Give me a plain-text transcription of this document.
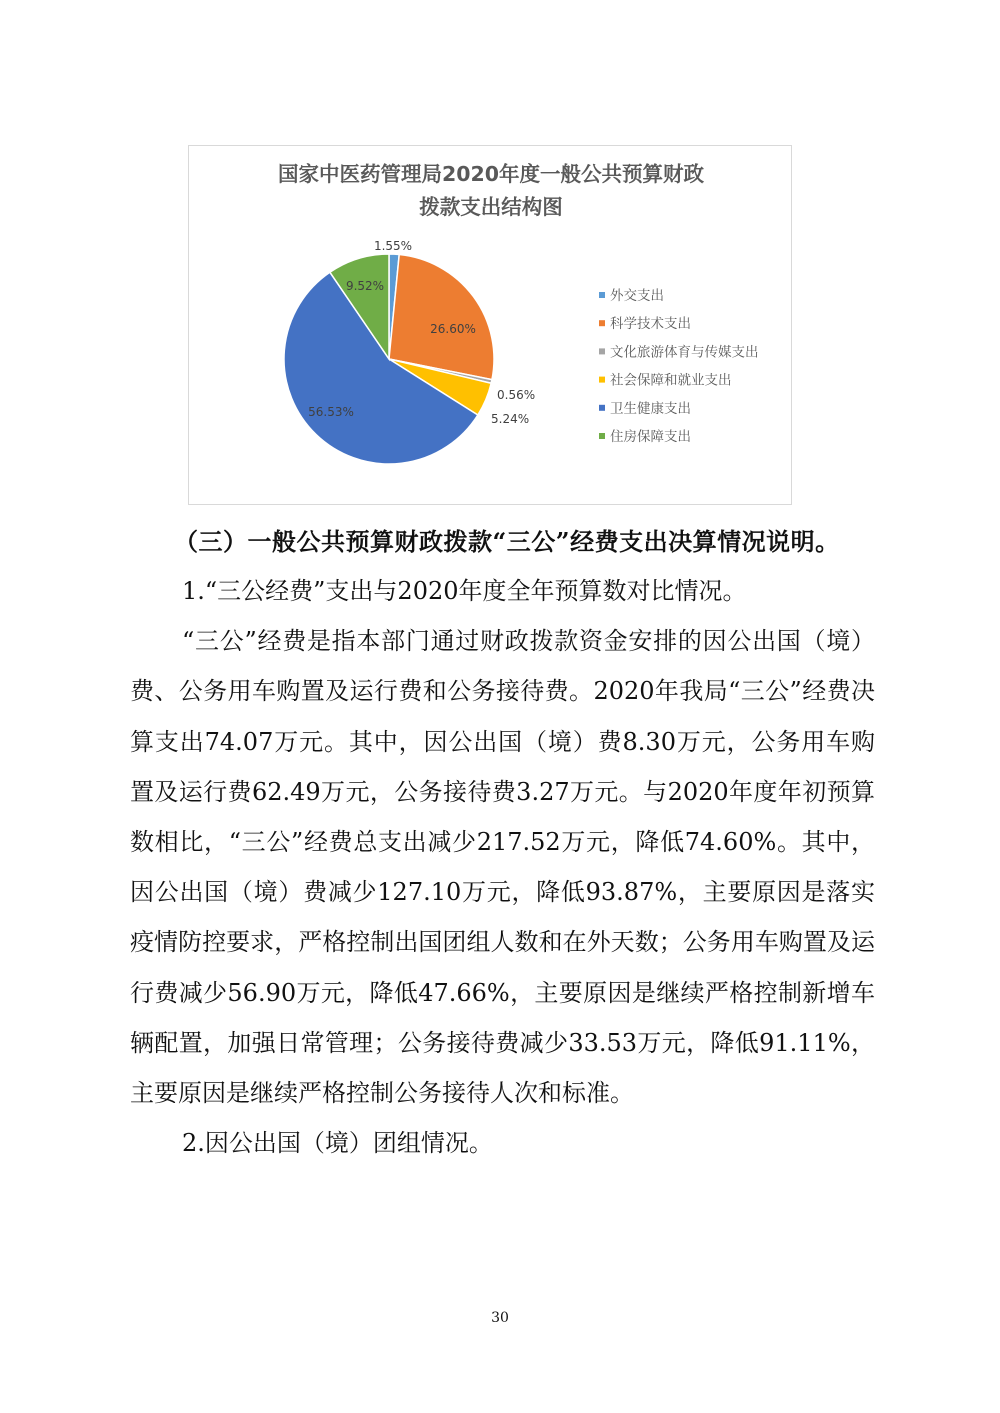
国家中医药管理局2020年度一般公共预算财政
拨款支出结构图
1.55%
26.60%
0.56%
5.24%
56.53%
9.52%
外交支出
科学技术支出
文化旅游体育与传媒支出
社会保障和就业支出
卫生健康支出
住房保障支出

（三）一般公共预算财政拨款“三公”经费支出决算情况说明。

1.“三公经费”支出与2020年度全年预算数对比情况。

“三公”经费是指本部门通过财政拨款资金安排的因公出国（境）费、公务用车购置及运行费和公务接待费。2020年我局“三公”经费决算支出74.07万元。其中，因公出国（境）费8.30万元，公务用车购置及运行费62.49万元，公务接待费3.27万元。与2020年度年初预算数相比，“三公”经费总支出减少217.52万元，降低74.60%。其中，因公出国（境）费减少127.10万元，降低93.87%，主要原因是落实疫情防控要求，严格控制出国团组人数和在外天数；公务用车购置及运行费减少56.90万元，降低47.66%，主要原因是继续严格控制新增车辆配置，加强日常管理；公务接待费减少33.53万元，降低91.11%，主要原因是继续严格控制公务接待人次和标准。

2.因公出国（境）团组情况。

30
